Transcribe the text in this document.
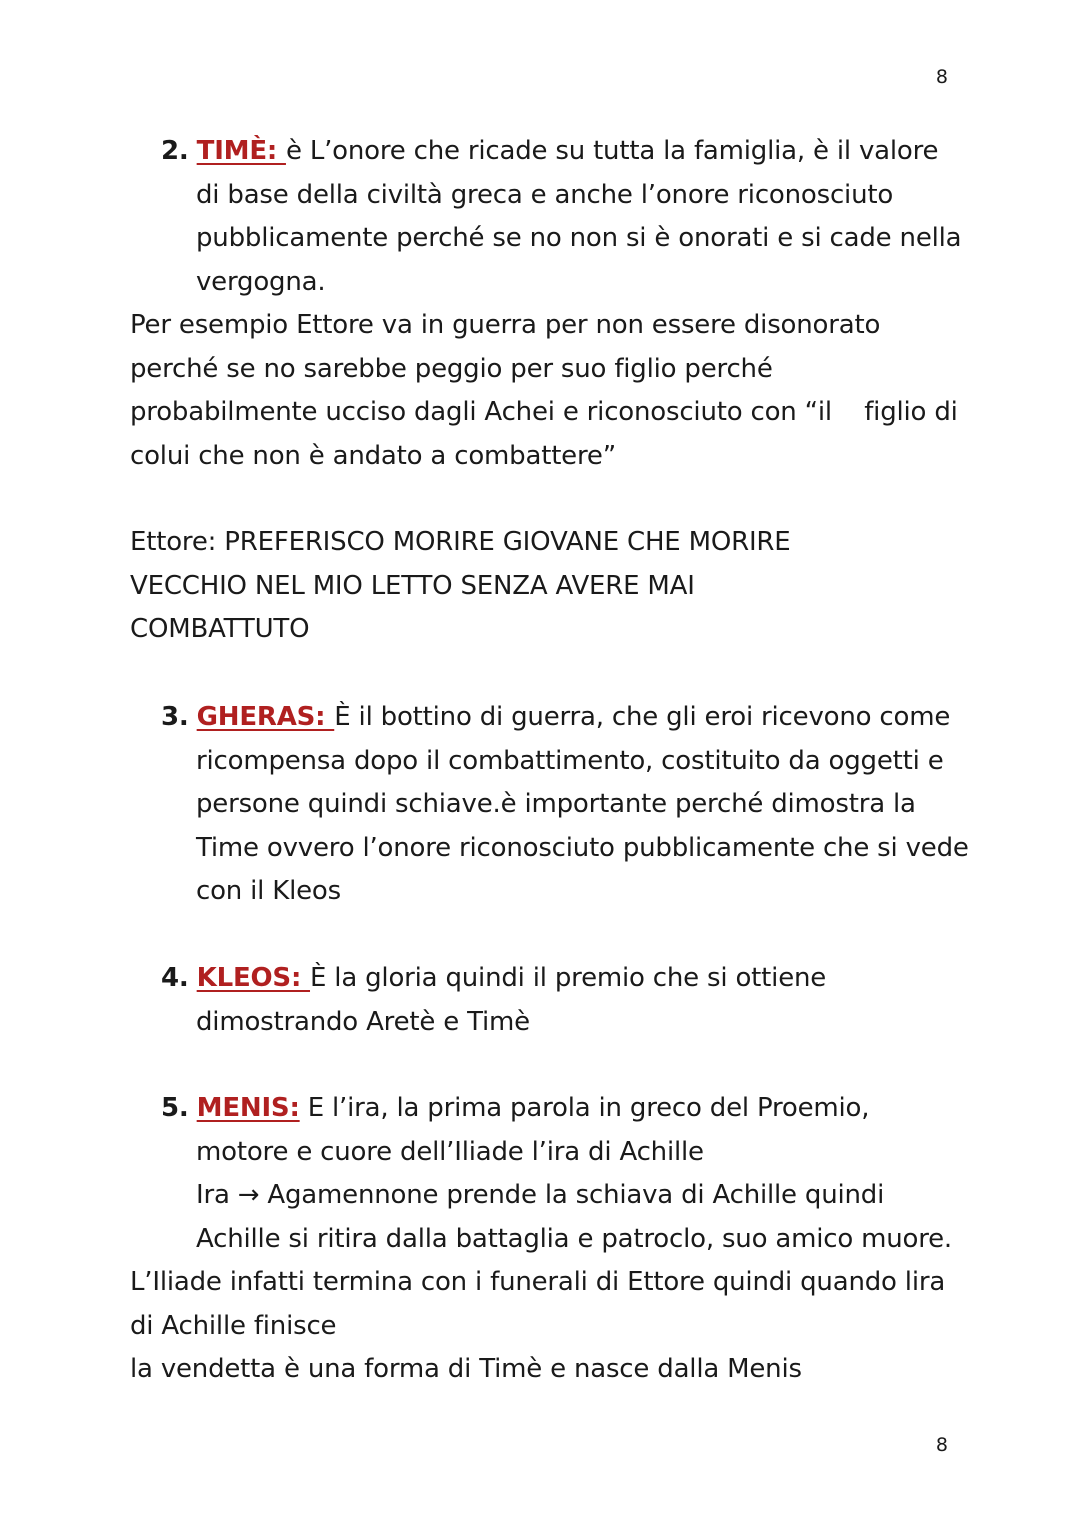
8
2. TIMÈ: è L’onore che ricade su tutta la famiglia, è il valore
di base della civiltà greca e anche l’onore riconosciuto
pubblicamente perché se no non si è onorati e si cade nella
vergogna.
Per esempio Ettore va in guerra per non essere disonorato
perché se no sarebbe peggio per suo figlio perché
probabilmente ucciso dagli Achei e riconosciuto con “il    figlio di
colui che non è andato a combattere”
Ettore: PREFERISCO MORIRE GIOVANE CHE MORIRE
VECCHIO NEL MIO LETTO SENZA AVERE MAI
COMBATTUTO
3. GHERAS: È il bottino di guerra, che gli eroi ricevono come
ricompensa dopo il combattimento, costituito da oggetti e
persone quindi schiave.è importante perché dimostra la
Time ovvero l’onore riconosciuto pubblicamente che si vede
con il Kleos
4. KLEOS: È la gloria quindi il premio che si ottiene
dimostrando Aretè e Timè
5. MENIS: E l’ira, la prima parola in greco del Proemio,
motore e cuore dell’Iliade l’ira di Achille
Ira → Agamennone prende la schiava di Achille quindi
Achille si ritira dalla battaglia e patroclo, suo amico muore.
L’Iliade infatti termina con i funerali di Ettore quindi quando lira
di Achille finisce
la vendetta è una forma di Timè e nasce dalla Menis
8
